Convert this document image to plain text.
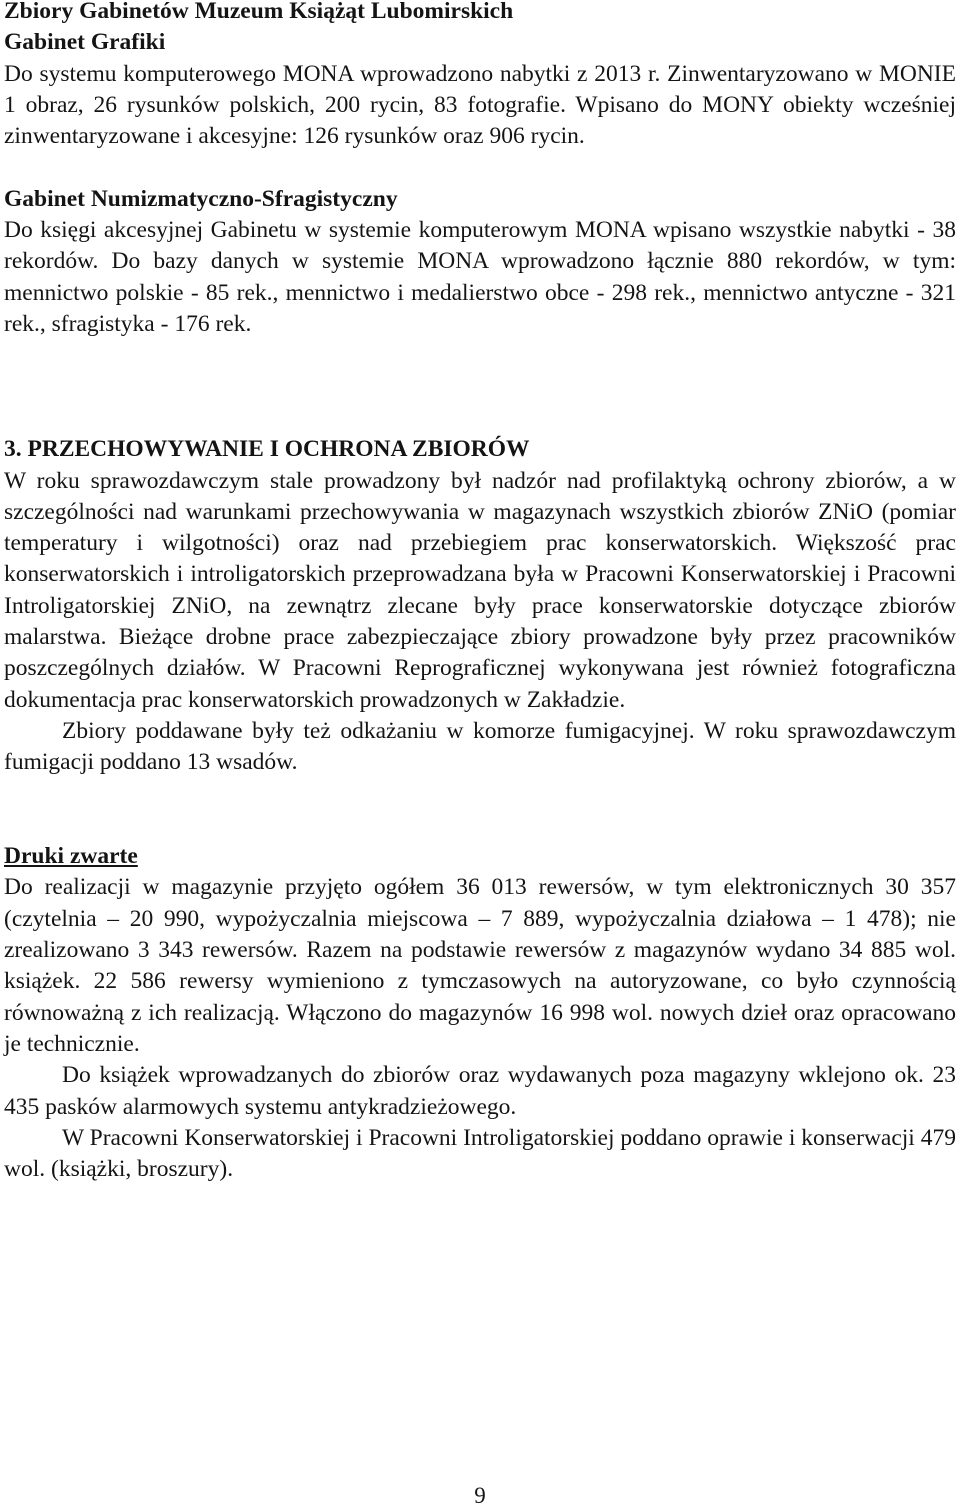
Zbiory Gabinetów Muzeum Książąt Lubomirskich
Gabinet Grafiki

Do systemu komputerowego MONA wprowadzono nabytki z 2013 r. Zinwentaryzowano w MONIE 1 obraz, 26 rysunków polskich, 200 rycin, 83 fotografie. Wpisano do MONY obiekty wcześniej zinwentaryzowane i akcesyjne: 126 rysunków oraz 906 rycin.

Gabinet Numizmatyczno-Sfragistyczny

Do księgi akcesyjnej Gabinetu w systemie komputerowym MONA wpisano wszystkie nabytki - 38 rekordów. Do bazy danych w systemie MONA wprowadzono łącznie 880 rekordów, w tym: mennictwo polskie - 85 rek., mennictwo i medalierstwo obce - 298 rek., mennictwo antyczne - 321 rek., sfragistyka - 176 rek.

3. PRZECHOWYWANIE I OCHRONA ZBIORÓW

W roku sprawozdawczym stale prowadzony był nadzór nad profilaktyką ochrony zbiorów, a w szczególności nad warunkami przechowywania w magazynach wszystkich zbiorów ZNiO (pomiar temperatury i wilgotności) oraz nad przebiegiem prac konserwatorskich. Większość prac konserwatorskich i introligatorskich przeprowadzana była w Pracowni Konserwatorskiej i Pracowni Introligatorskiej ZNiO, na zewnątrz zlecane były prace konserwatorskie dotyczące zbiorów malarstwa. Bieżące drobne prace zabezpieczające zbiory prowadzone były przez pracowników poszczególnych działów. W Pracowni Reprograficznej wykonywana jest również fotograficzna dokumentacja prac konserwatorskich prowadzonych w Zakładzie.

Zbiory poddawane były też odkażaniu w komorze fumigacyjnej. W roku sprawozdawczym fumigacji poddano 13 wsadów.

Druki zwarte

Do realizacji w magazynie przyjęto ogółem 36 013 rewersów, w tym elektronicznych 30 357 (czytelnia – 20 990, wypożyczalnia miejscowa – 7 889, wypożyczalnia działowa – 1 478); nie zrealizowano 3 343 rewersów. Razem na podstawie rewersów z magazynów wydano 34 885 wol. książek. 22 586 rewersy wymieniono z tymczasowych na autoryzowane, co było czynnością równoważną z ich realizacją. Włączono do magazynów 16 998 wol. nowych dzieł oraz opracowano je technicznie.

Do książek wprowadzanych do zbiorów oraz wydawanych poza magazyny wklejono ok. 23 435 pasków alarmowych systemu antykradzieżowego.

W Pracowni Konserwatorskiej i Pracowni Introligatorskiej poddano oprawie i konserwacji 479 wol. (książki, broszury).

9
